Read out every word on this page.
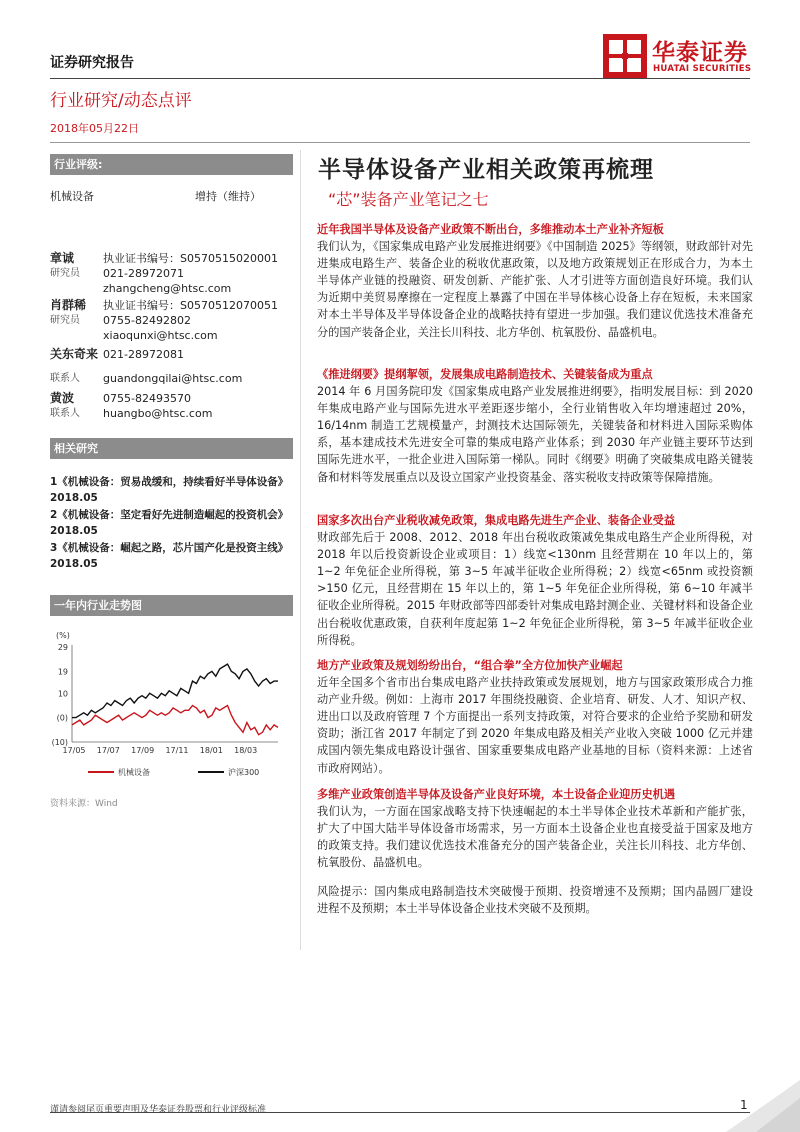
证券研究报告	华泰证券
HUATAI SECURITIES
行业研究/动态点评
2018年05月22日
行业评级:
机械设备	增持（维持）
章诚
研究员
执业证书编号：S0570515020001
021-28972071
zhangcheng@htsc.com
肖群稀
研究员
执业证书编号：S0570512070051
0755-82492802
xiaoqunxi@htsc.com
关东奇来
联系人
021-28972081
guandongqilai@htsc.com
黄波
联系人
0755-82493570
huangbo@htsc.com
相关研究
1《机械设备：贸易战缓和，持续看好半导体设备》2018.05
2《机械设备：坚定看好先进制造崛起的投资机会》2018.05
3《机械设备：崛起之路，芯片国产化是投资主线》2018.05
一年内行业走势图
(%)
29
19
10
(0)
(10)
17/05 17/07 17/09 17/11 18/01 18/03
机械设备	沪深300
资料来源：Wind
半导体设备产业相关政策再梳理
“芯”装备产业笔记之七
近年我国半导体及设备产业政策不断出台，多维推动本土产业补齐短板
我们认为，《国家集成电路产业发展推进纲要》《中国制造 2025》等纲领，财政部针对先进集成电路生产、装备企业的税收优惠政策，以及地方政策规划正在形成合力，为本土半导体产业链的投融资、研发创新、产能扩张、人才引进等方面创造良好环境。我们认为近期中美贸易摩擦在一定程度上暴露了中国在半导体核心设备上存在短板，未来国家对本土半导体及半导体设备企业的战略扶持有望进一步加强。我们建议优选技术准备充分的国产装备企业，关注长川科技、北方华创、杭氧股份、晶盛机电。
《推进纲要》提纲挈领，发展集成电路制造技术、关键装备成为重点
2014 年 6 月国务院印发《国家集成电路产业发展推进纲要》，指明发展目标：到 2020 年集成电路产业与国际先进水平差距逐步缩小，全行业销售收入年均增速超过 20%，16/14nm 制造工艺规模量产，封测技术达国际领先，关键装备和材料进入国际采购体系，基本建成技术先进安全可靠的集成电路产业体系；到 2030 年产业链主要环节达到国际先进水平，一批企业进入国际第一梯队。同时《纲要》明确了突破集成电路关键装备和材料等发展重点以及设立国家产业投资基金、落实税收支持政策等保障措施。
国家多次出台产业税收减免政策，集成电路先进生产企业、装备企业受益
财政部先后于 2008、2012、2018 年出台税收政策减免集成电路生产企业所得税，对 2018 年以后投资新设企业或项目：1）线宽<130nm 且经营期在 10 年以上的，第 1~2 年免征企业所得税，第 3~5 年减半征收企业所得税；2）线宽<65nm 或投资额>150 亿元，且经营期在 15 年以上的，第 1~5 年免征企业所得税，第 6~10 年减半征收企业所得税。2015 年财政部等四部委针对集成电路封测企业、关键材料和设备企业出台税收优惠政策，自获利年度起第 1~2 年免征企业所得税，第 3~5 年减半征收企业所得税。
地方产业政策及规划纷纷出台，“组合拳”全方位加快产业崛起
近年全国多个省市出台集成电路产业扶持政策或发展规划，地方与国家政策形成合力推动产业升级。例如：上海市 2017 年围绕投融资、企业培育、研发、人才、知识产权、进出口以及政府管理 7 个方面提出一系列支持政策，对符合要求的企业给予奖励和研发资助；浙江省 2017 年制定了到 2020 年集成电路及相关产业收入突破 1000 亿元并建成国内领先集成电路设计强省、国家重要集成电路产业基地的目标（资料来源：上述省市政府网站）。
多维产业政策创造半导体及设备产业良好环境，本土设备企业迎历史机遇
我们认为，一方面在国家战略支持下快速崛起的本土半导体企业技术革新和产能扩张，扩大了中国大陆半导体设备市场需求，另一方面本土设备企业也直接受益于国家及地方的政策支持。我们建议优选技术准备充分的国产装备企业，关注长川科技、北方华创、杭氧股份、晶盛机电。
风险提示：国内集成电路制造技术突破慢于预期、投资增速不及预期；国内晶圆厂建设进程不及预期；本土半导体设备企业技术突破不及预期。
谨请参阅尾页重要声明及华泰证券股票和行业评级标准	1
